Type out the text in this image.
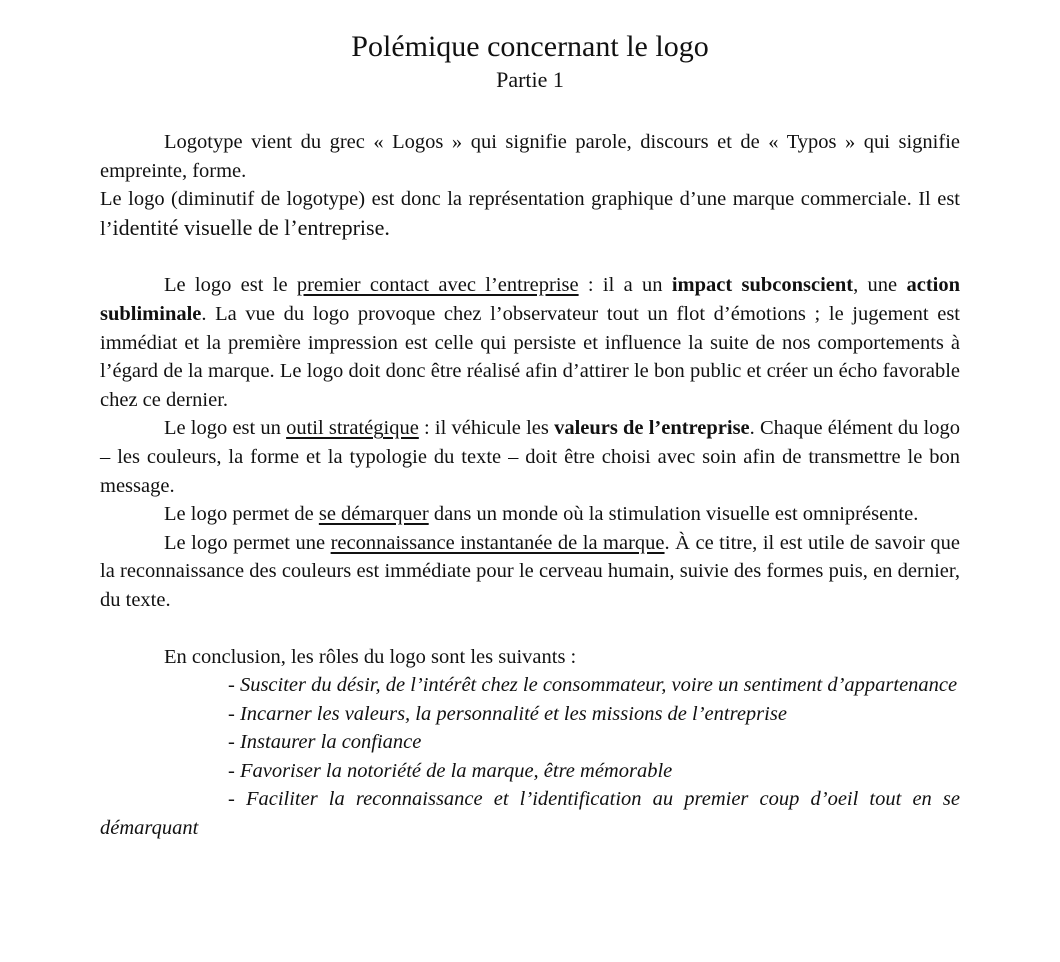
Polémique concernant le logo
Partie 1

Logotype vient du grec « Logos » qui signifie parole, discours et de « Typos » qui signifie empreinte, forme.

Le logo (diminutif de logotype) est donc la représentation graphique d’une marque commerciale. Il est l’identité visuelle de l’entreprise.

Le logo est le premier contact avec l’entreprise : il a un impact subconscient, une action subliminale. La vue du logo provoque chez l’observateur tout un flot d’émotions ; le jugement est immédiat et la première impression est celle qui persiste et influence la suite de nos comportements à l’égard de la marque. Le logo doit donc être réalisé afin d’attirer le bon public et créer un écho favorable chez ce dernier.

Le logo est un outil stratégique : il véhicule les valeurs de l’entreprise. Chaque élément du logo – les couleurs, la forme et la typologie du texte – doit être choisi avec soin afin de transmettre le bon message.

Le logo permet de se démarquer dans un monde où la stimulation visuelle est omniprésente.

Le logo permet une reconnaissance instantanée de la marque. À ce titre, il est utile de savoir que la reconnaissance des couleurs est immédiate pour le cerveau humain, suivie des formes puis, en dernier, du texte.

En conclusion, les rôles du logo sont les suivants :

- Susciter du désir, de l’intérêt chez le consommateur, voire un sentiment d’appartenance

- Incarner les valeurs, la personnalité et les missions de l’entreprise

- Instaurer la confiance

- Favoriser la notoriété de la marque, être mémorable

- Faciliter la reconnaissance et l’identification au premier coup d’oeil tout en se démarquant
